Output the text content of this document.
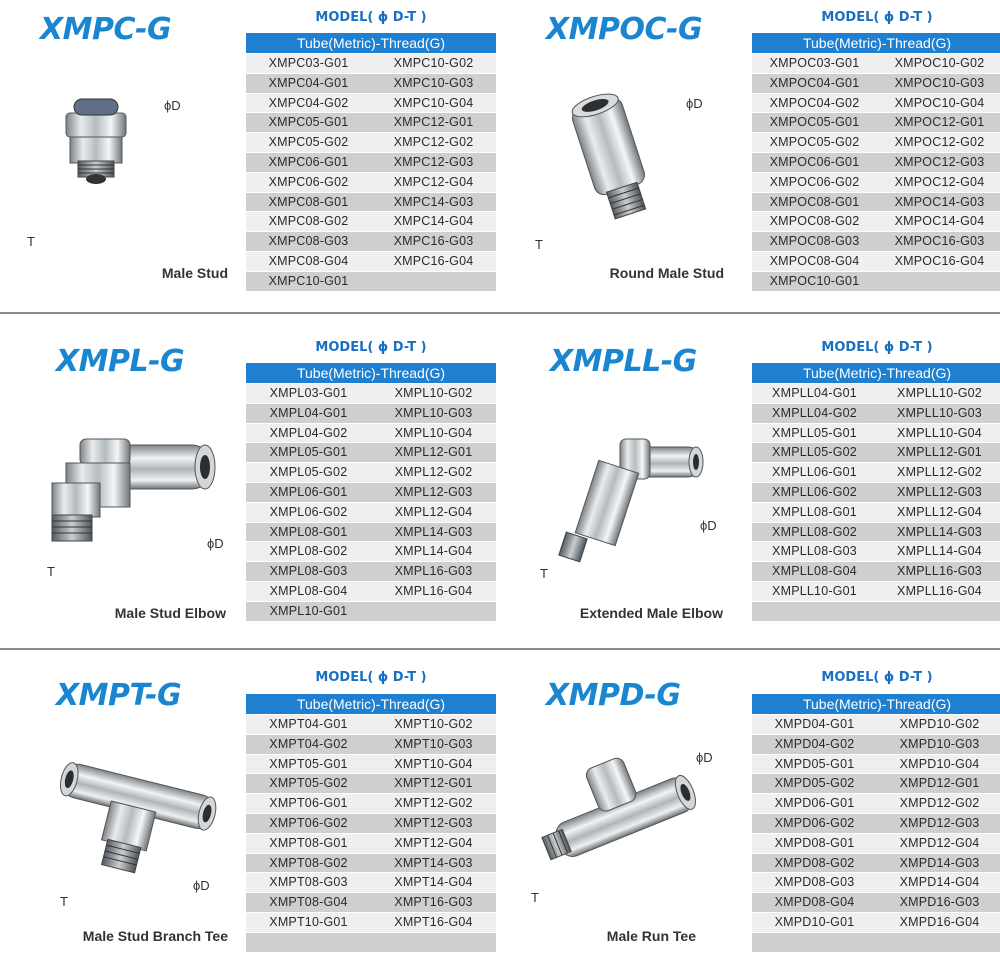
XMPC-G	MODEL( ϕ D-T )
Tube(Metric)-Thread(G)
XMPC03-G01	XMPC10-G02
XMPC04-G01	XMPC10-G03
XMPC04-G02	XMPC10-G04
XMPC05-G01	XMPC12-G01
XMPC05-G02	XMPC12-G02
XMPC06-G01	XMPC12-G03
XMPC06-G02	XMPC12-G04
XMPC08-G01	XMPC14-G03
XMPC08-G02	XMPC14-G04
XMPC08-G03	XMPC16-G03
XMPC08-G04	XMPC16-G04
XMPC10-G01
ϕD
T
Male Stud
XMPOC-G	MODEL( ϕ D-T )
Tube(Metric)-Thread(G)
XMPOC03-G01	XMPOC10-G02
XMPOC04-G01	XMPOC10-G03
XMPOC04-G02	XMPOC10-G04
XMPOC05-G01	XMPOC12-G01
XMPOC05-G02	XMPOC12-G02
XMPOC06-G01	XMPOC12-G03
XMPOC06-G02	XMPOC12-G04
XMPOC08-G01	XMPOC14-G03
XMPOC08-G02	XMPOC14-G04
XMPOC08-G03	XMPOC16-G03
XMPOC08-G04	XMPOC16-G04
XMPOC10-G01
ϕD
T
Round Male Stud
XMPL-G	MODEL( ϕ D-T )
Tube(Metric)-Thread(G)
XMPL03-G01	XMPL10-G02
XMPL04-G01	XMPL10-G03
XMPL04-G02	XMPL10-G04
XMPL05-G01	XMPL12-G01
XMPL05-G02	XMPL12-G02
XMPL06-G01	XMPL12-G03
XMPL06-G02	XMPL12-G04
XMPL08-G01	XMPL14-G03
XMPL08-G02	XMPL14-G04
XMPL08-G03	XMPL16-G03
XMPL08-G04	XMPL16-G04
XMPL10-G01
ϕD
T
Male Stud Elbow
XMPLL-G	MODEL( ϕ D-T )
Tube(Metric)-Thread(G)
XMPLL04-G01	XMPLL10-G02
XMPLL04-G02	XMPLL10-G03
XMPLL05-G01	XMPLL10-G04
XMPLL05-G02	XMPLL12-G01
XMPLL06-G01	XMPLL12-G02
XMPLL06-G02	XMPLL12-G03
XMPLL08-G01	XMPLL12-G04
XMPLL08-G02	XMPLL14-G03
XMPLL08-G03	XMPLL14-G04
XMPLL08-G04	XMPLL16-G03
XMPLL10-G01	XMPLL16-G04
ϕD
T
Extended Male Elbow
XMPT-G
MODEL( ϕ D-T )
Tube(Metric)-Thread(G)
XMPT04-G01	XMPT10-G02
XMPT04-G02	XMPT10-G03
XMPT05-G01	XMPT10-G04
XMPT05-G02	XMPT12-G01
XMPT06-G01	XMPT12-G02
XMPT06-G02	XMPT12-G03
XMPT08-G01	XMPT12-G04
XMPT08-G02	XMPT14-G03
XMPT08-G03	XMPT14-G04
XMPT08-G04	XMPT16-G03
XMPT10-G01	XMPT16-G04
ϕD
T
Male Stud Branch Tee
XMPD-G
MODEL( ϕ D-T )
Tube(Metric)-Thread(G)
XMPD04-G01	XMPD10-G02
XMPD04-G02	XMPD10-G03
XMPD05-G01	XMPD10-G04
XMPD05-G02	XMPD12-G01
XMPD06-G01	XMPD12-G02
XMPD06-G02	XMPD12-G03
XMPD08-G01	XMPD12-G04
XMPD08-G02	XMPD14-G03
XMPD08-G03	XMPD14-G04
XMPD08-G04	XMPD16-G03
XMPD10-G01	XMPD16-G04
ϕD
T
Male Run Tee
